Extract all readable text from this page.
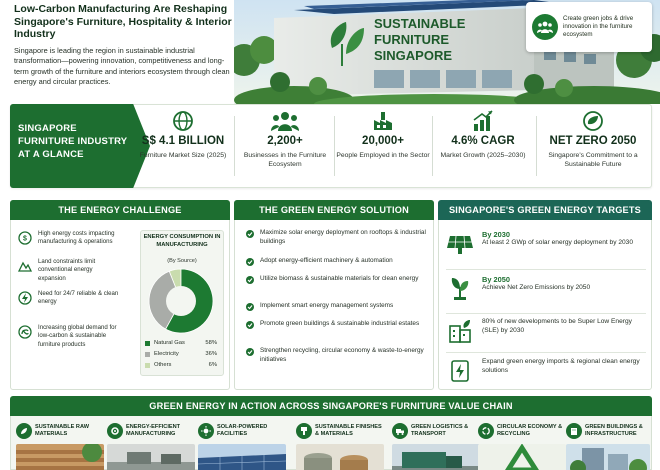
Low-Carbon Manufacturing Are Reshaping Singapore's Furniture, Hospitality & Interior Industry
Singapore is leading the region in sustainable industrial transformation—powering innovation, competitiveness and long-term growth of the furniture and interiors ecosystem through clean energy and circular practices.
SUSTAINABLE
FURNITURE
SINGAPORE
Create green jobs & drive innovation in the furniture ecosystem
SINGAPORE FURNITURE INDUSTRY AT A GLANCE
S$ 4.1 BILLION
Furniture Market Size (2025)
2,200+
Businesses in the Furniture Ecosystem
20,000+
People Employed in the Sector
4.6% CAGR
Market Growth (2025–2030)
NET ZERO 2050
Singapore's Commitment to a Sustainable Future
THE ENERGY CHALLENGE
$
High energy costs impacting manufacturing & operations
Land constraints limit conventional energy expansion
Need for 24/7 reliable & clean energy
Increasing global demand for low-carbon & sustainable furniture products
ENERGY CONSUMPTION IN MANUFACTURING
(By Source)
Natural Gas	58%
Electricity	36%
Others	6%
THE GREEN ENERGY SOLUTION
Maximize solar energy deployment on rooftops & industrial buildings
Adopt energy-efficient machinery & automation
Utilize biomass & sustainable materials for clean energy
Implement smart energy management systems
Promote green buildings & sustainable industrial estates
Strengthen recycling, circular economy & waste-to-energy initiatives
SINGAPORE'S GREEN ENERGY TARGETS
By 2030
At least 2 GWp of solar energy deployment by 2030
By 2050
Achieve Net Zero Emissions by 2050
80% of new developments to be Super Low Energy (SLE) by 2030
Expand green energy imports & regional clean energy solutions
GREEN ENERGY IN ACTION ACROSS SINGAPORE'S FURNITURE VALUE CHAIN
SUSTAINABLE RAW MATERIALS
ENERGY-EFFICIENT MANUFACTURING
SOLAR-POWERED FACILITIES
SUSTAINABLE FINISHES & MATERIALS
GREEN LOGISTICS & TRANSPORT
CIRCULAR ECONOMY & RECYCLING
GREEN BUILDINGS & INFRASTRUCTURE
